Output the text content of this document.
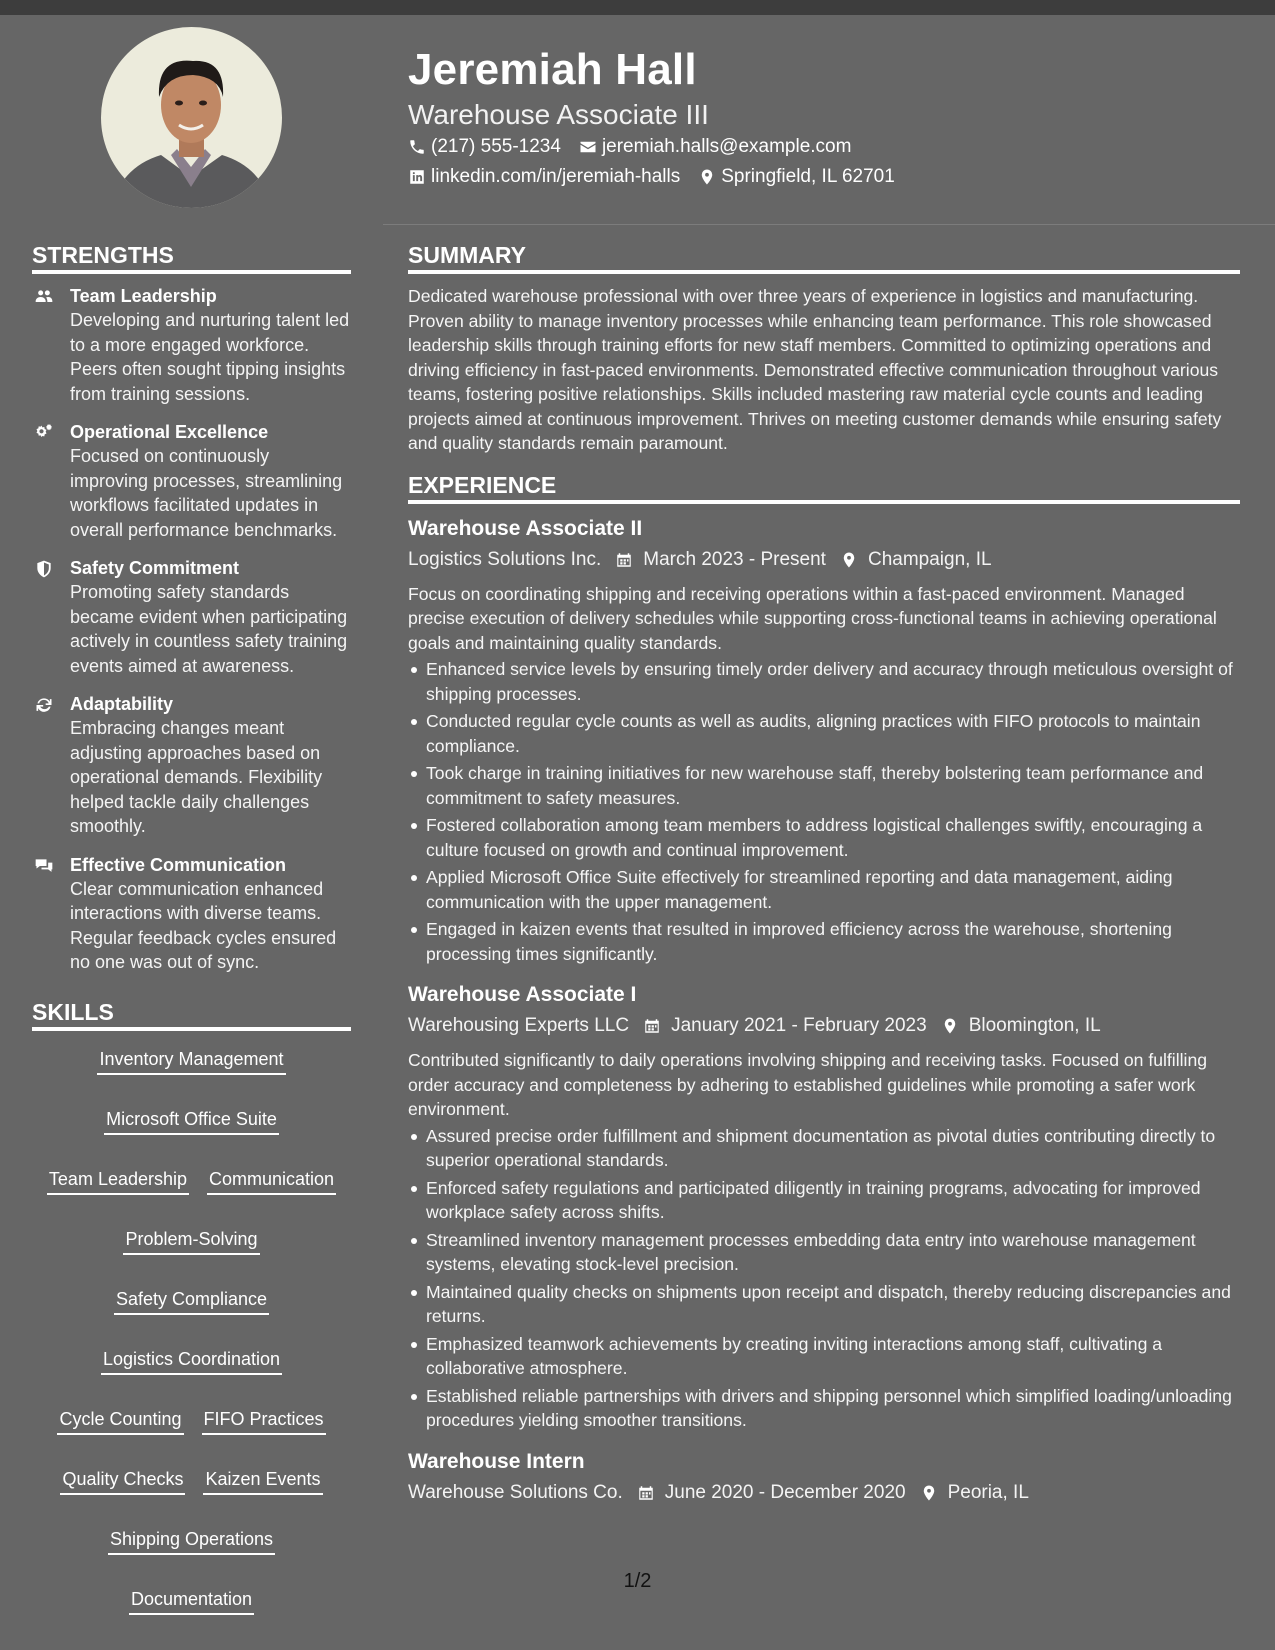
Jeremiah Hall
Warehouse Associate III
(217) 555-1234 jeremiah.halls@example.com
linkedin.com/in/jeremiah-halls Springfield, IL 62701
STRENGTHS
Team Leadership
Developing and nurturing talent led to a more engaged workforce. Peers often sought tipping insights from training sessions.
Operational Excellence
Focused on continuously improving processes, streamlining workflows facilitated updates in overall performance benchmarks.
Safety Commitment
Promoting safety standards became evident when participating actively in countless safety training events aimed at awareness.
Adaptability
Embracing changes meant adjusting approaches based on operational demands. Flexibility helped tackle daily challenges smoothly.
Effective Communication
Clear communication enhanced interactions with diverse teams. Regular feedback cycles ensured no one was out of sync.
SKILLS
Inventory Management
Microsoft Office Suite
Team Leadership Communication
Problem-Solving
Safety Compliance
Logistics Coordination
Cycle Counting FIFO Practices
Quality Checks Kaizen Events
Shipping Operations
Documentation
SUMMARY

Dedicated warehouse professional with over three years of experience in logistics and manufacturing. Proven ability to manage inventory processes while enhancing team performance. This role showcased leadership skills through training efforts for new staff members. Committed to optimizing operations and driving efficiency in fast-paced environments. Demonstrated effective communication throughout various teams, fostering positive relationships. Skills included mastering raw material cycle counts and leading projects aimed at continuous improvement. Thrives on meeting customer demands while ensuring safety and quality standards remain paramount.

EXPERIENCE
Warehouse Associate II
Logistics Solutions Inc. March 2023 - Present Champaign, IL

Focus on coordinating shipping and receiving operations within a fast-paced environment. Managed precise execution of delivery schedules while supporting cross-functional teams in achieving operational goals and maintaining quality standards.

Enhanced service levels by ensuring timely order delivery and accuracy through meticulous oversight of shipping processes.
Conducted regular cycle counts as well as audits, aligning practices with FIFO protocols to maintain compliance.
Took charge in training initiatives for new warehouse staff, thereby bolstering team performance and commitment to safety measures.
Fostered collaboration among team members to address logistical challenges swiftly, encouraging a culture focused on growth and continual improvement.
Applied Microsoft Office Suite effectively for streamlined reporting and data management, aiding communication with the upper management.
Engaged in kaizen events that resulted in improved efficiency across the warehouse, shortening processing times significantly.
Warehouse Associate I
Warehousing Experts LLC January 2021 - February 2023 Bloomington, IL

Contributed significantly to daily operations involving shipping and receiving tasks. Focused on fulfilling order accuracy and completeness by adhering to established guidelines while promoting a safer work environment.

Assured precise order fulfillment and shipment documentation as pivotal duties contributing directly to superior operational standards.
Enforced safety regulations and participated diligently in training programs, advocating for improved workplace safety across shifts.
Streamlined inventory management processes embedding data entry into warehouse management systems, elevating stock-level precision.
Maintained quality checks on shipments upon receipt and dispatch, thereby reducing discrepancies and returns.
Emphasized teamwork achievements by creating inviting interactions among staff, cultivating a collaborative atmosphere.
Established reliable partnerships with drivers and shipping personnel which simplified loading/unloading procedures yielding smoother transitions.
Warehouse Intern
Warehouse Solutions Co. June 2020 - December 2020 Peoria, IL
1/2
